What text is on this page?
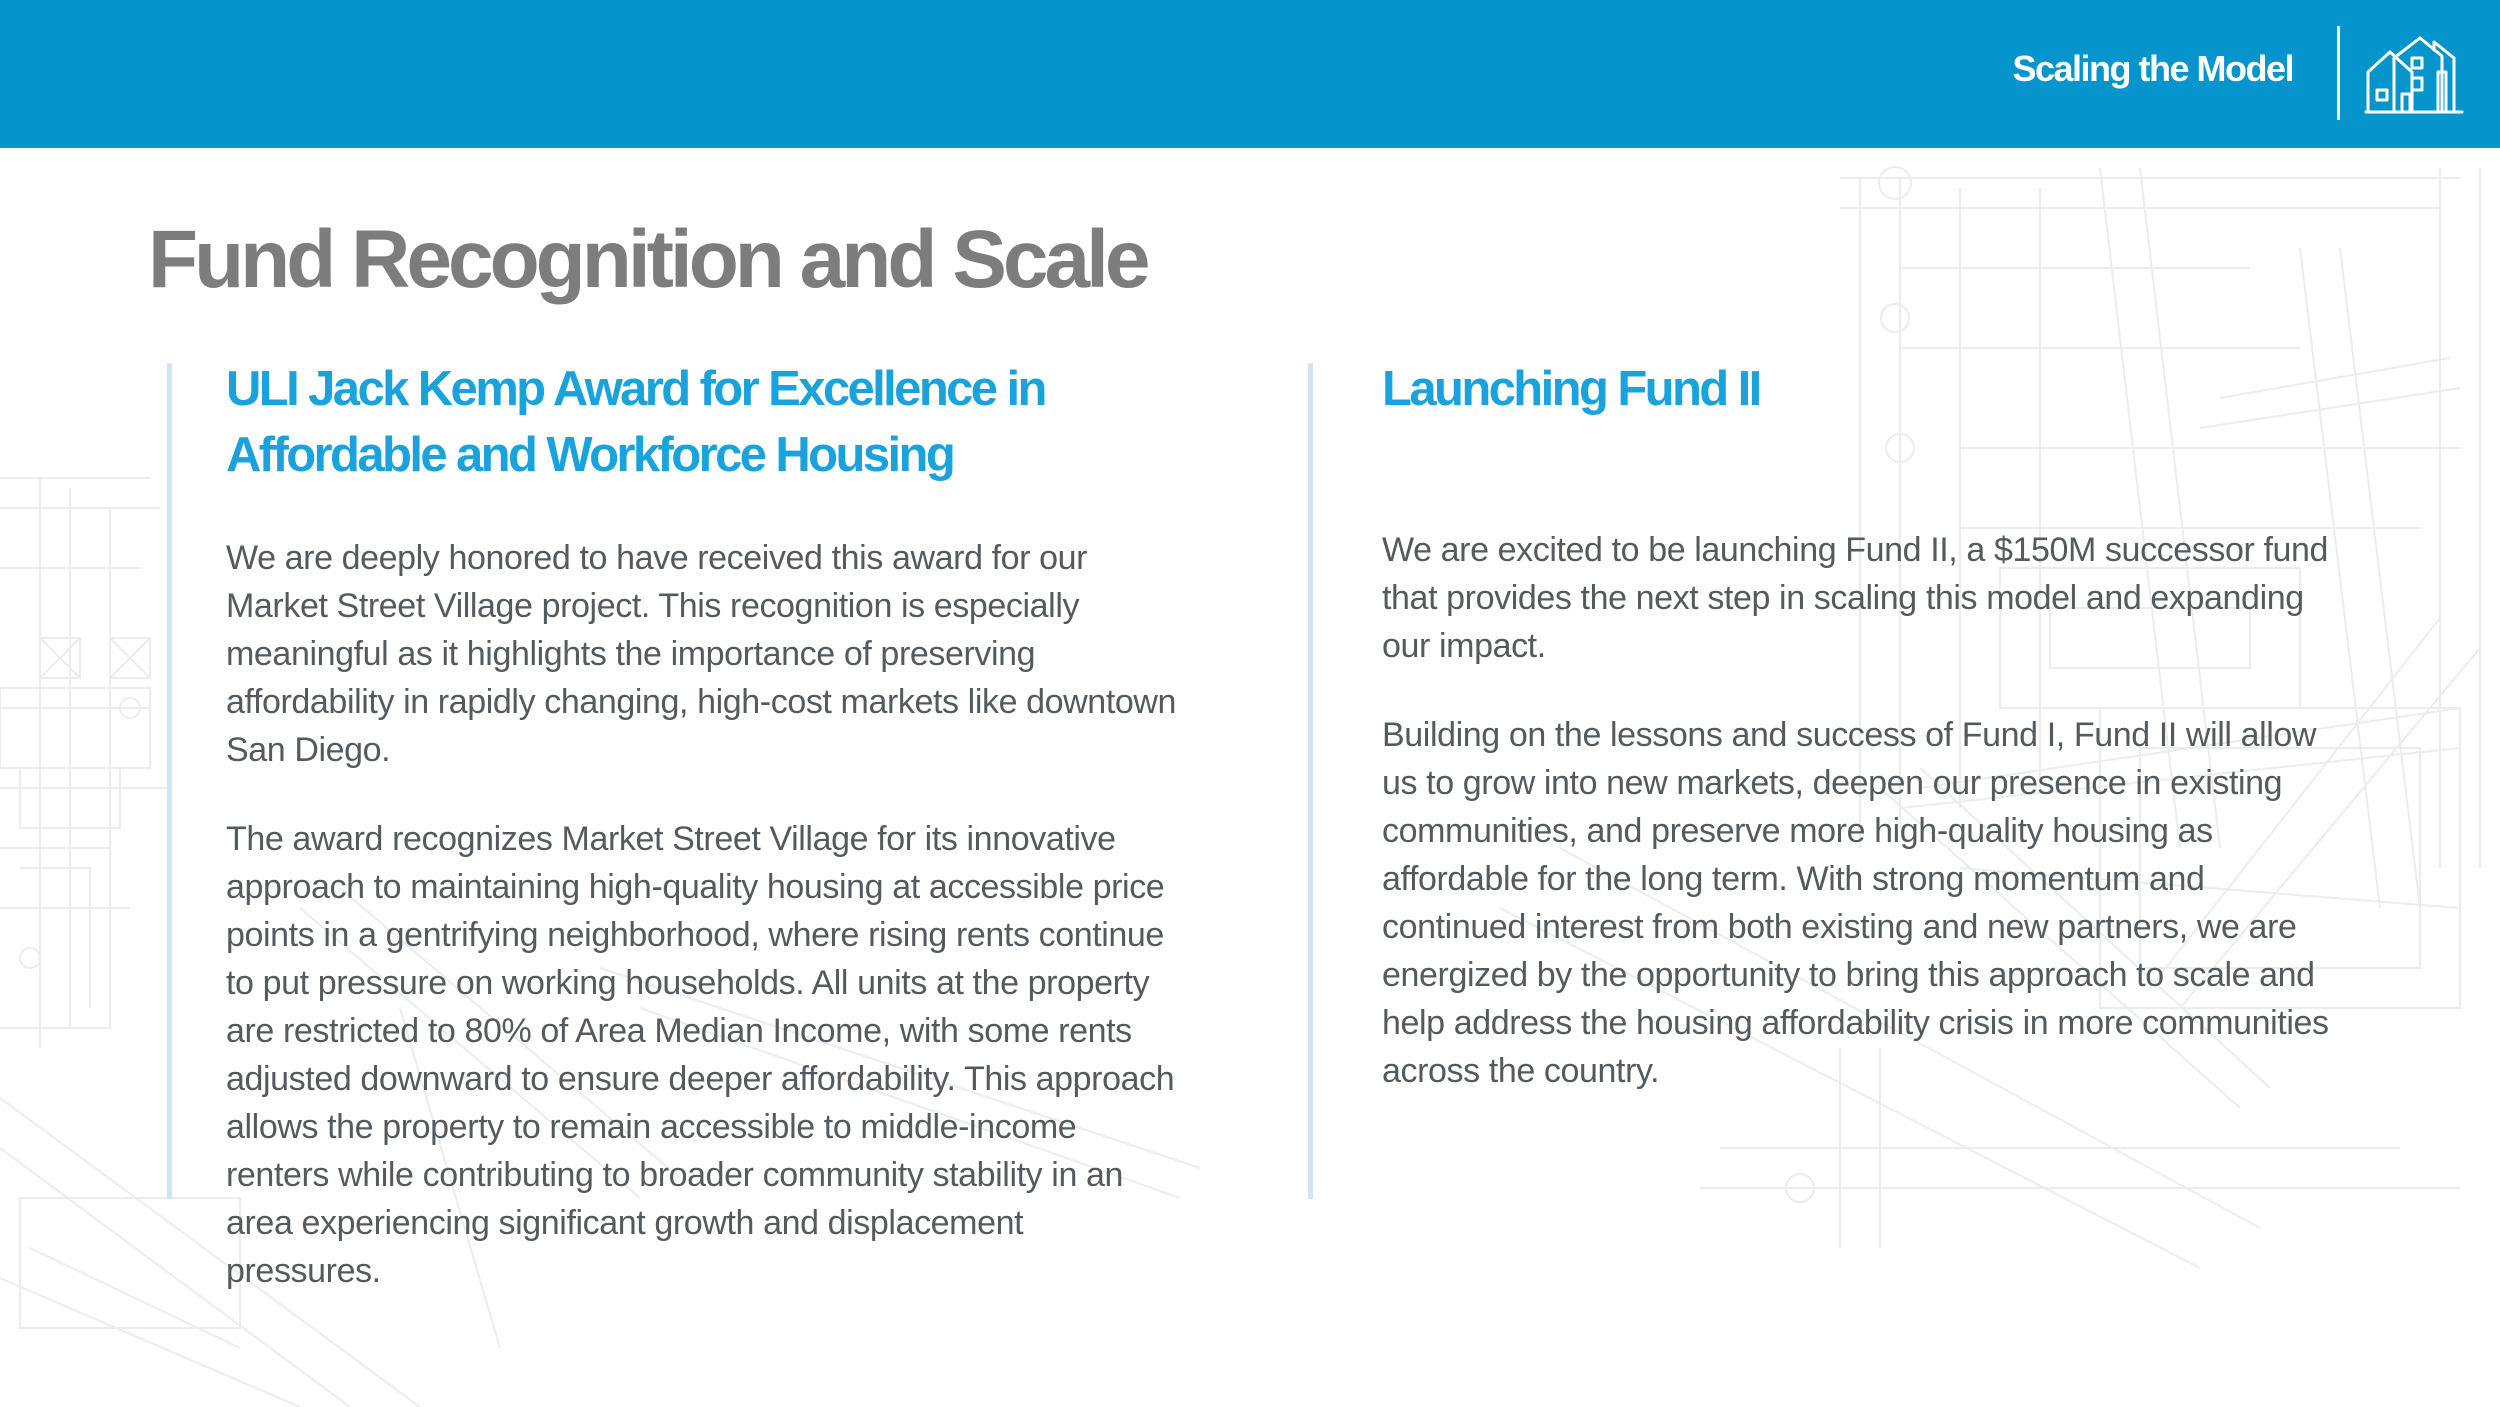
Scaling the Model
Fund Recognition and Scale
ULI Jack Kemp Award for Excellence in Affordable and Workforce Housing

We are deeply honored to have received this award for our Market Street Village project. This recognition is especially meaningful as it highlights the importance of preserving affordability in rapidly changing, high-cost markets like downtown San Diego.

The award recognizes Market Street Village for its innovative approach to maintaining high-quality housing at accessible price points in a gentrifying neighborhood, where rising rents continue to put pressure on working households. All units at the property are restricted to 80% of Area Median Income, with some rents adjusted downward to ensure deeper affordability. This approach allows the property to remain accessible to middle-income renters while contributing to broader community stability in an area experiencing significant growth and displacement pressures.

Launching Fund II

We are excited to be launching Fund II, a $150M successor fund that provides the next step in scaling this model and expanding our impact.

Building on the lessons and success of Fund I, Fund II will allow us to grow into new markets, deepen our presence in existing communities, and preserve more high-quality housing as affordable for the long term. With strong momentum and continued interest from both existing and new partners, we are energized by the opportunity to bring this approach to scale and help address the housing affordability crisis in more communities across the country.
